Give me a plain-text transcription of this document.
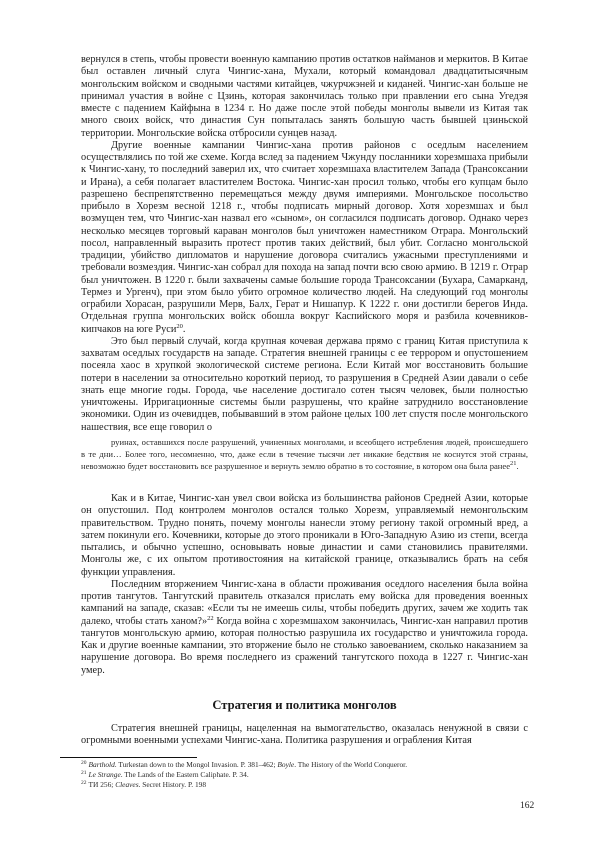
вернулся в степь, чтобы провести военную кампанию против остатков найманов и меркитов. В Китае был оставлен личный слуга Чингис-хана, Мухали, который командовал двадцатитысячным монгольским войском и сводными частями китайцев, чжурчжэней и киданей. Чингис-хан больше не принимал участия в войне с Цзинь, которая закончилась только при правлении его сына Угедэя вместе с падением Кайфына в 1234 г. Но даже после этой победы монголы вывели из Китая так много своих войск, что династия Сун попыталась занять большую часть бывшей цзиньской территории. Монгольские войска отбросили сунцев назад.

Другие военные кампании Чингис-хана против районов с оседлым населением осуществлялись по той же схеме. Когда вслед за падением Чжунду посланники хорезмшаха прибыли к Чингис-хану, то последний заверил их, что считает хорезмшаха властителем Запада (Трансоксании и Ирана), а себя полагает властителем Востока. Чингис-хан просил только, чтобы его купцам было разрешено беспрепятственно перемещаться между двумя империями. Монгольское посольство прибыло в Хорезм весной 1218 г., чтобы подписать мирный договор. Хотя хорезмшах и был возмущен тем, что Чингис-хан назвал его «сыном», он согласился подписать договор. Однако через несколько месяцев торговый караван монголов был уничтожен наместником Отрара. Монгольский посол, направленный выразить протест против таких действий, был убит. Согласно монгольской традиции, убийство дипломатов и нарушение договора считались ужасными преступлениями и требовали возмездия. Чингис-хан собрал для похода на запад почти всю свою армию. В 1219 г. Отрар был уничтожен. В 1220 г. были захвачены самые большие города Трансоксании (Бухара, Самарканд, Термез и Ургенч), при этом было убито огромное количество людей. На следующий год монголы ограбили Хорасан, разрушили Мерв, Балх, Герат и Нишапур. К 1222 г. они достигли берегов Инда. Отдельная группа монгольских войск обошла вокруг Каспийского моря и разбила кочевников-кипчаков на юге Руси$^{20}$.

Это был первый случай, когда крупная кочевая держава прямо с границ Китая приступила к захватам оседлых государств на западе. Стратегия внешней границы с ее террором и опустошением посеяла хаос в хрупкой экологической системе региона. Если Китай мог восстановить большие потери в населении за относительно короткий период, то разрушения в Средней Азии давали о себе знать еще многие годы. Города, чье население достигало сотен тысяч человек, были полностью уничтожены. Ирригационные системы были разрушены, что крайне затруднило восстановление экономики. Один из очевидцев, побывавший в этом районе целых 100 лет спустя после монгольского нашествия, все еще говорил о

руинах, оставшихся после разрушений, учиненных монголами, и всеобщего истребления людей, происшедшего в те дни… Более того, несомненно, что, даже если в течение тысячи лет никакие бедствия не коснутся этой страны, невозможно будет восстановить все разрушенное и вернуть землю обратно в то состояние, в котором она была ранее$^{21}$.

Как и в Китае, Чингис-хан увел свои войска из большинства районов Средней Азии, которые он опустошил. Под контролем монголов остался только Хорезм, управляемый немонгольским правительством. Трудно понять, почему монголы нанесли этому региону такой огромный вред, а затем покинули его. Кочевники, которые до этого проникали в Юго-Западную Азию из степи, всегда пытались, и обычно успешно, основывать новые династии и сами становились правителями. Монголы же, с их опытом противостояния на китайской границе, отказывались брать на себя функции управления.

Последним вторжением Чингис-хана в области проживания оседлого населения была война против тангутов. Тангутский правитель отказался прислать ему войска для проведения военных кампаний на западе, сказав: «Если ты не имеешь силы, чтобы победить других, зачем же ходить так далеко, чтобы стать ханом?»$^{22}$ Когда война с хорезмшахом закончилась, Чингис-хан направил против тангутов монгольскую армию, которая полностью разрушила их государство и уничтожила города. Как и другие военные кампании, это вторжение было не столько завоеванием, сколько наказанием за нарушение договора. Во время последнего из сражений тангутского похода в 1227 г. Чингис-хан умер.

Стратегия и политика монголов

Стратегия внешней границы, нацеленная на вымогательство, оказалась ненужной в связи с огромными военными успехами Чингис-хана. Политика разрушения и ограбления Китая

$^{20}$ Barthold. Turkestan down to the Mongol Invasion. P. 381–462; Boyle. The History of the World Conqueror.
$^{21}$ Le Strange. The Lands of the Eastern Caliphate. P. 34.
$^{22}$ ТИ 256; Cleaves. Secret History. P. 198
162
